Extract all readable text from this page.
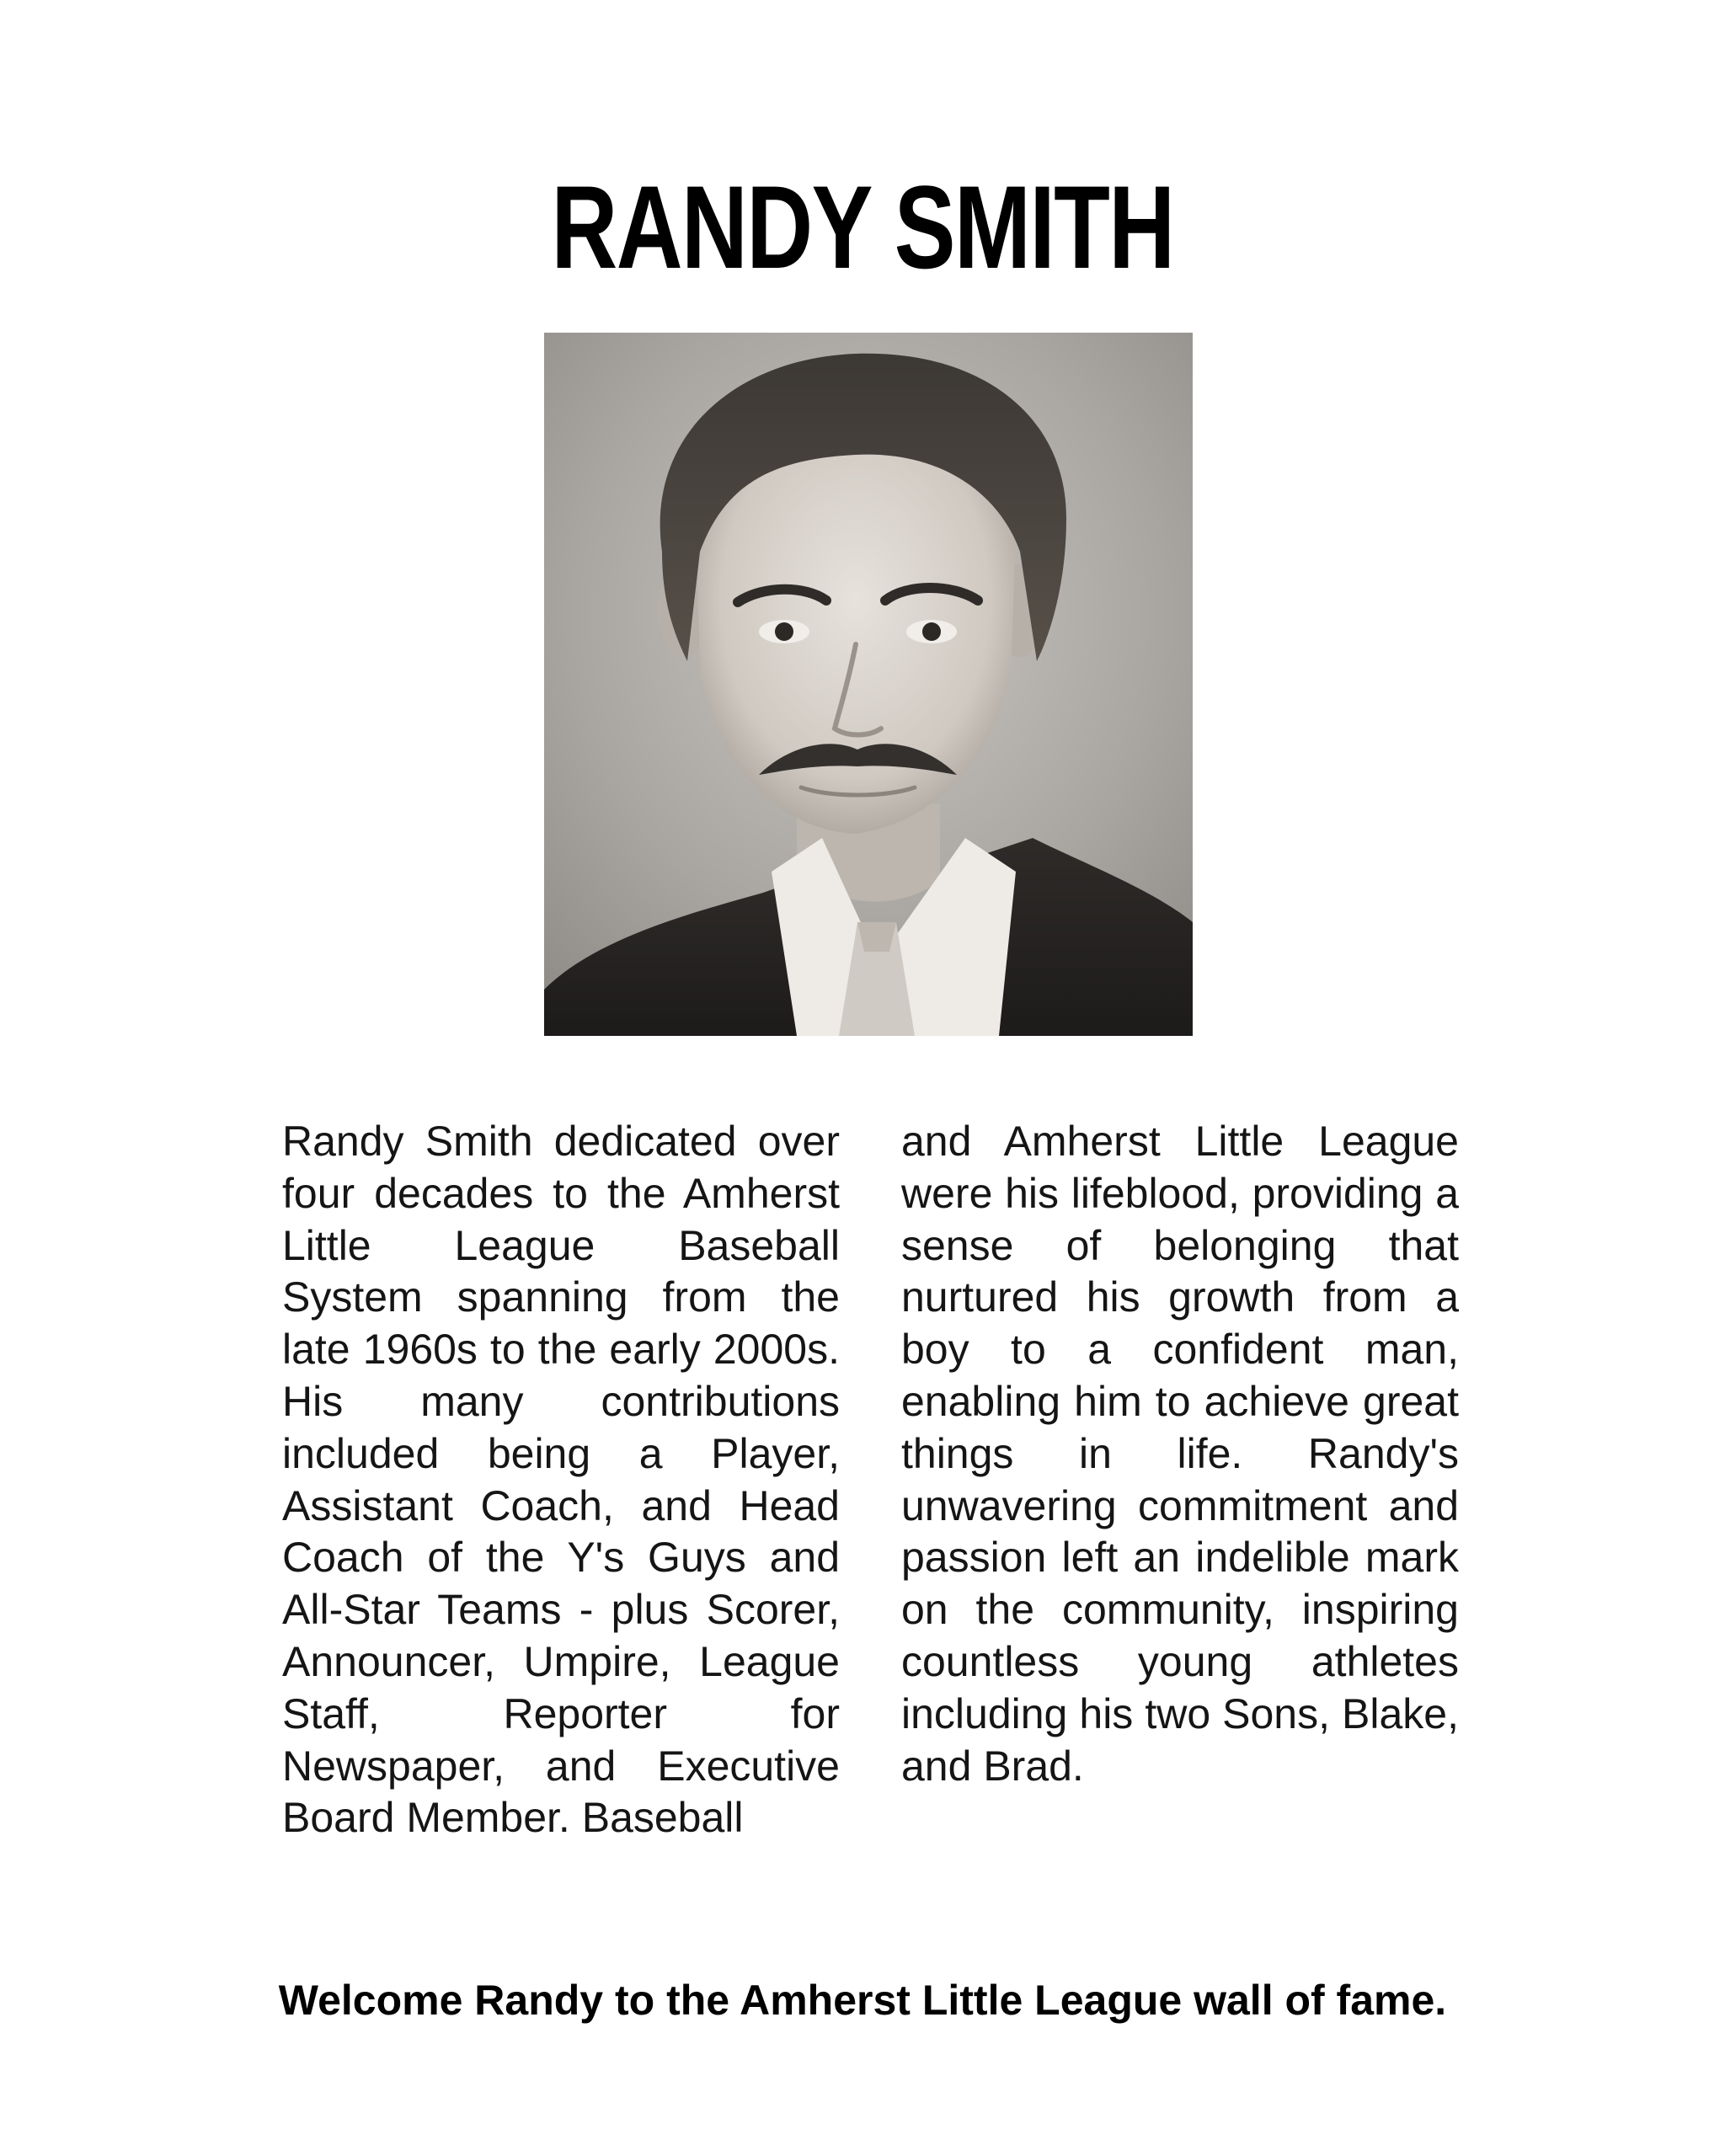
RANDY SMITH

Randy Smith dedicated over four decades to the Amherst Little League Baseball System spanning from the late 1960s to the early 2000s. His many contributions included being a Player, Assistant Coach, and Head Coach of the Y's Guys and All-Star Teams - plus Scorer, Announcer, Umpire, League Staff, Reporter for Newspaper, and Executive Board Member. Baseball

and Amherst Little League were his lifeblood, providing a sense of belonging that nurtured his growth from a boy to a confident man, enabling him to achieve great things in life. Randy's unwavering commitment and passion left an indelible mark on the community, inspiring countless young athletes including his two Sons, Blake, and Brad.

Welcome Randy to the Amherst Little League wall of fame.
